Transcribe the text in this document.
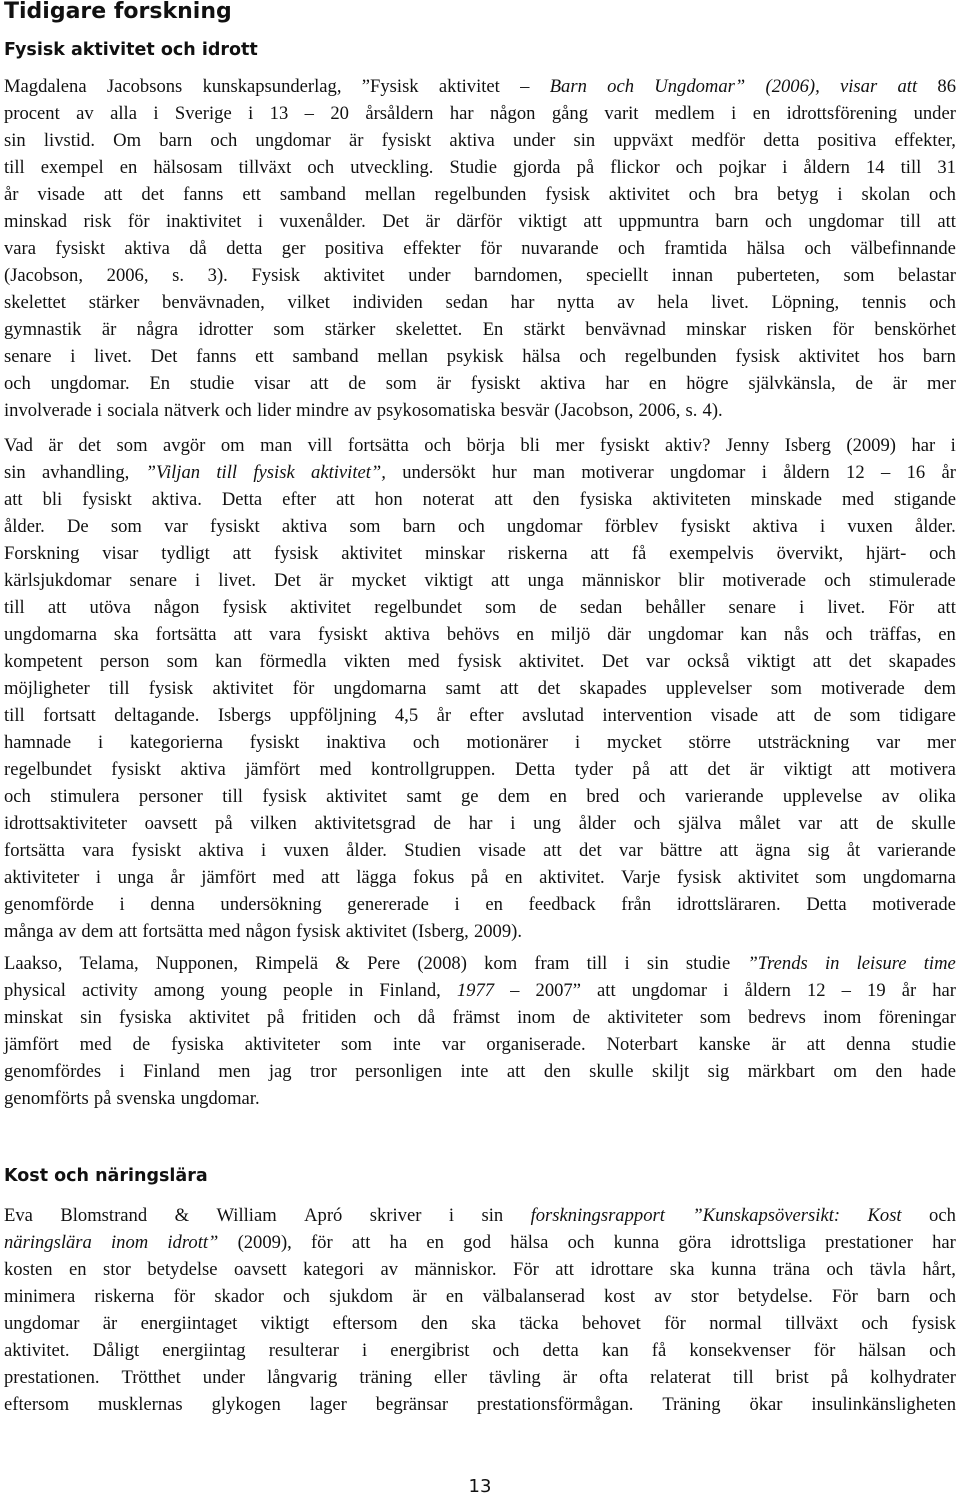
Tidigare forskning
Fysisk aktivitet och idrott
Magdalena Jacobsons kunskapsunderlag, ”Fysisk aktivitet – Barn och Ungdomar” (2006), visar att 86
procent av alla i Sverige i 13 – 20 årsåldern har någon gång varit medlem i en idrottsförening under
sin livstid. Om barn och ungdomar är fysiskt aktiva under sin uppväxt medför detta positiva effekter,
till exempel en hälsosam tillväxt och utveckling. Studie gjorda på flickor och pojkar i åldern 14 till 31
år visade att det fanns ett samband mellan regelbunden fysisk aktivitet och bra betyg i skolan och
minskad risk för inaktivitet i vuxenålder. Det är därför viktigt att uppmuntra barn och ungdomar till att
vara fysiskt aktiva då detta ger positiva effekter för nuvarande och framtida hälsa och välbefinnande
(Jacobson, 2006, s. 3). Fysisk aktivitet under barndomen, speciellt innan puberteten, som belastar
skelettet stärker benvävnaden, vilket individen sedan har nytta av hela livet. Löpning, tennis och
gymnastik är några idrotter som stärker skelettet. En stärkt benvävnad minskar risken för benskörhet
senare i livet. Det fanns ett samband mellan psykisk hälsa och regelbunden fysisk aktivitet hos barn
och ungdomar. En studie visar att de som är fysiskt aktiva har en högre självkänsla, de är mer
involverade i sociala nätverk och lider mindre av psykosomatiska besvär (Jacobson, 2006, s. 4).
Vad är det som avgör om man vill fortsätta och börja bli mer fysiskt aktiv? Jenny Isberg (2009) har i
sin avhandling, ”Viljan till fysisk aktivitet”, undersökt hur man motiverar ungdomar i åldern 12 – 16 år
att bli fysiskt aktiva. Detta efter att hon noterat att den fysiska aktiviteten minskade med stigande
ålder. De som var fysiskt aktiva som barn och ungdomar förblev fysiskt aktiva i vuxen ålder.
Forskning visar tydligt att fysisk aktivitet minskar riskerna att få exempelvis övervikt, hjärt- och
kärlsjukdomar senare i livet. Det är mycket viktigt att unga människor blir motiverade och stimulerade
till att utöva någon fysisk aktivitet regelbundet som de sedan behåller senare i livet. För att
ungdomarna ska fortsätta att vara fysiskt aktiva behövs en miljö där ungdomar kan nås och träffas, en
kompetent person som kan förmedla vikten med fysisk aktivitet. Det var också viktigt att det skapades
möjligheter till fysisk aktivitet för ungdomarna samt att det skapades upplevelser som motiverade dem
till fortsatt deltagande. Isbergs uppföljning 4,5 år efter avslutad intervention visade att de som tidigare
hamnade i kategorierna fysiskt inaktiva och motionärer i mycket större utsträckning var mer
regelbundet fysiskt aktiva jämfört med kontrollgruppen. Detta tyder på att det är viktigt att motivera
och stimulera personer till fysisk aktivitet samt ge dem en bred och varierande upplevelse av olika
idrottsaktiviteter oavsett på vilken aktivitetsgrad de har i ung ålder och själva målet var att de skulle
fortsätta vara fysiskt aktiva i vuxen ålder. Studien visade att det var bättre att ägna sig åt varierande
aktiviteter i unga år jämfört med att lägga fokus på en aktivitet. Varje fysisk aktivitet som ungdomarna
genomförde i denna undersökning genererade i en feedback från idrottsläraren. Detta motiverade
många av dem att fortsätta med någon fysisk aktivitet (Isberg, 2009).
Laakso, Telama, Nupponen, Rimpelä & Pere (2008) kom fram till i sin studie ”Trends in leisure time
physical activity among young people in Finland, 1977 – 2007” att ungdomar i åldern 12 – 19 år har
minskat sin fysiska aktivitet på fritiden och då främst inom de aktiviteter som bedrevs inom föreningar
jämfört med de fysiska aktiviteter som inte var organiserade. Noterbart kanske är att denna studie
genomfördes i Finland men jag tror personligen inte att den skulle skiljt sig märkbart om den hade
genomförts på svenska ungdomar.
Kost och näringslära
Eva Blomstrand & William Apró skriver i sin forskningsrapport ”Kunskapsöversikt: Kost och
näringslära inom idrott” (2009), för att ha en god hälsa och kunna göra idrottsliga prestationer har
kosten en stor betydelse oavsett kategori av människor. För att idrottare ska kunna träna och tävla hårt,
minimera riskerna för skador och sjukdom är en välbalanserad kost av stor betydelse. För barn och
ungdomar är energiintaget viktigt eftersom den ska täcka behovet för normal tillväxt och fysisk
aktivitet. Dåligt energiintag resulterar i energibrist och detta kan få konsekvenser för hälsan och
prestationen. Trötthet under långvarig träning eller tävling är ofta relaterat till brist på kolhydrater
eftersom musklernas glykogen lager begränsar prestationsförmågan. Träning ökar insulinkänsligheten
13
